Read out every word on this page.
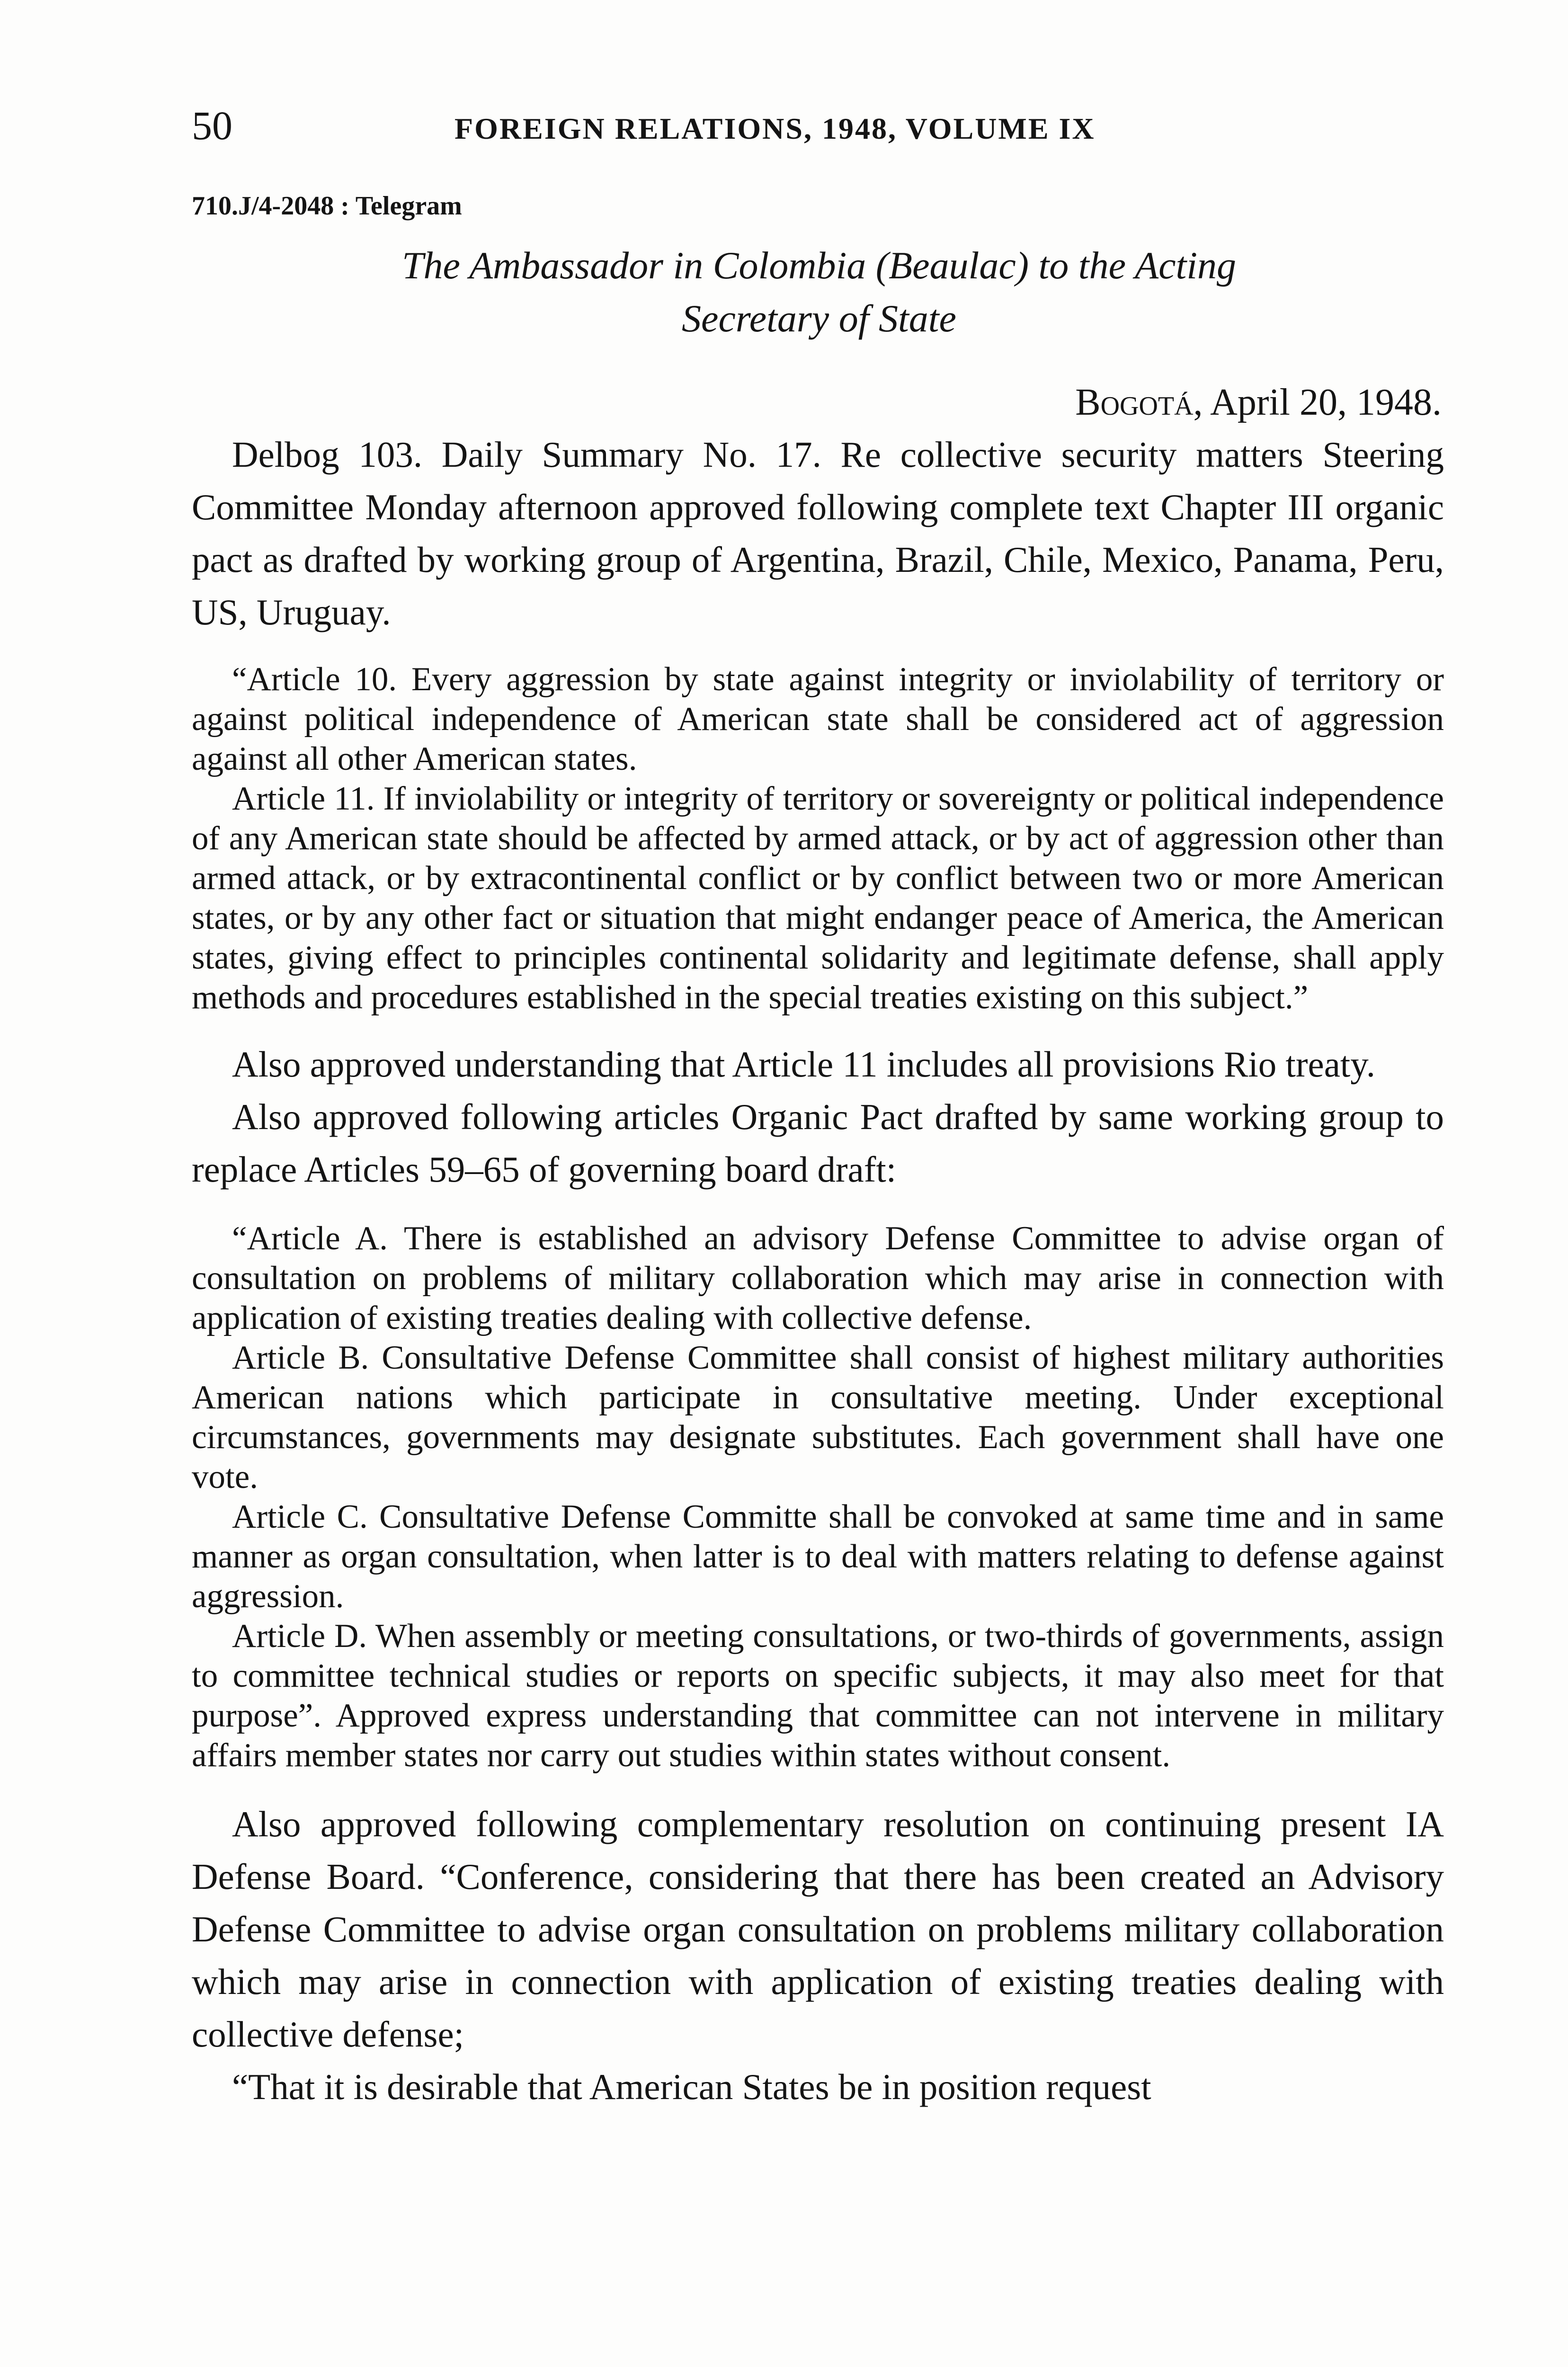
50	FOREIGN RELATIONS, 1948, VOLUME IX
710.J/4-2048 : Telegram
The Ambassador in Colombia (Beaulac) to the Acting
Secretary of State
Bogotá, April 20, 1948.

Delbog 103. Daily Summary No. 17. Re collective security matters Steering Committee Monday afternoon approved following complete text Chapter III organic pact as drafted by working group of Argentina, Brazil, Chile, Mexico, Panama, Peru, US, Uruguay.

“Article 10. Every aggression by state against integrity or inviolability of territory or against political independence of American state shall be considered act of aggression against all other American states.

Article 11. If inviolability or integrity of territory or sovereignty or political independence of any American state should be affected by armed attack, or by act of aggression other than armed attack, or by extracontinental conflict or by conflict between two or more American states, or by any other fact or situation that might endanger peace of America, the American states, giving effect to principles continental solidarity and legitimate defense, shall apply methods and procedures established in the special treaties existing on this subject.”

Also approved understanding that Article 11 includes all provisions Rio treaty.

Also approved following articles Organic Pact drafted by same working group to replace Articles 59–65 of governing board draft:

“Article A. There is established an advisory Defense Committee to advise organ of consultation on problems of military collaboration which may arise in connection with application of existing treaties dealing with collective defense.

Article B. Consultative Defense Committee shall consist of highest military authorities American nations which participate in consultative meeting. Under exceptional circumstances, governments may designate substitutes. Each government shall have one vote.

Article C. Consultative Defense Committe shall be convoked at same time and in same manner as organ consultation, when latter is to deal with matters relating to defense against aggression.

Article D. When assembly or meeting consultations, or two-thirds of governments, assign to committee technical studies or reports on specific subjects, it may also meet for that purpose”. Approved express understanding that committee can not intervene in military affairs member states nor carry out studies within states without consent.

Also approved following complementary resolution on continuing present IA Defense Board. “Conference, considering that there has been created an Advisory Defense Committee to advise organ consultation on problems military collaboration which may arise in connection with application of existing treaties dealing with collective defense;

“That it is desirable that American States be in position request
